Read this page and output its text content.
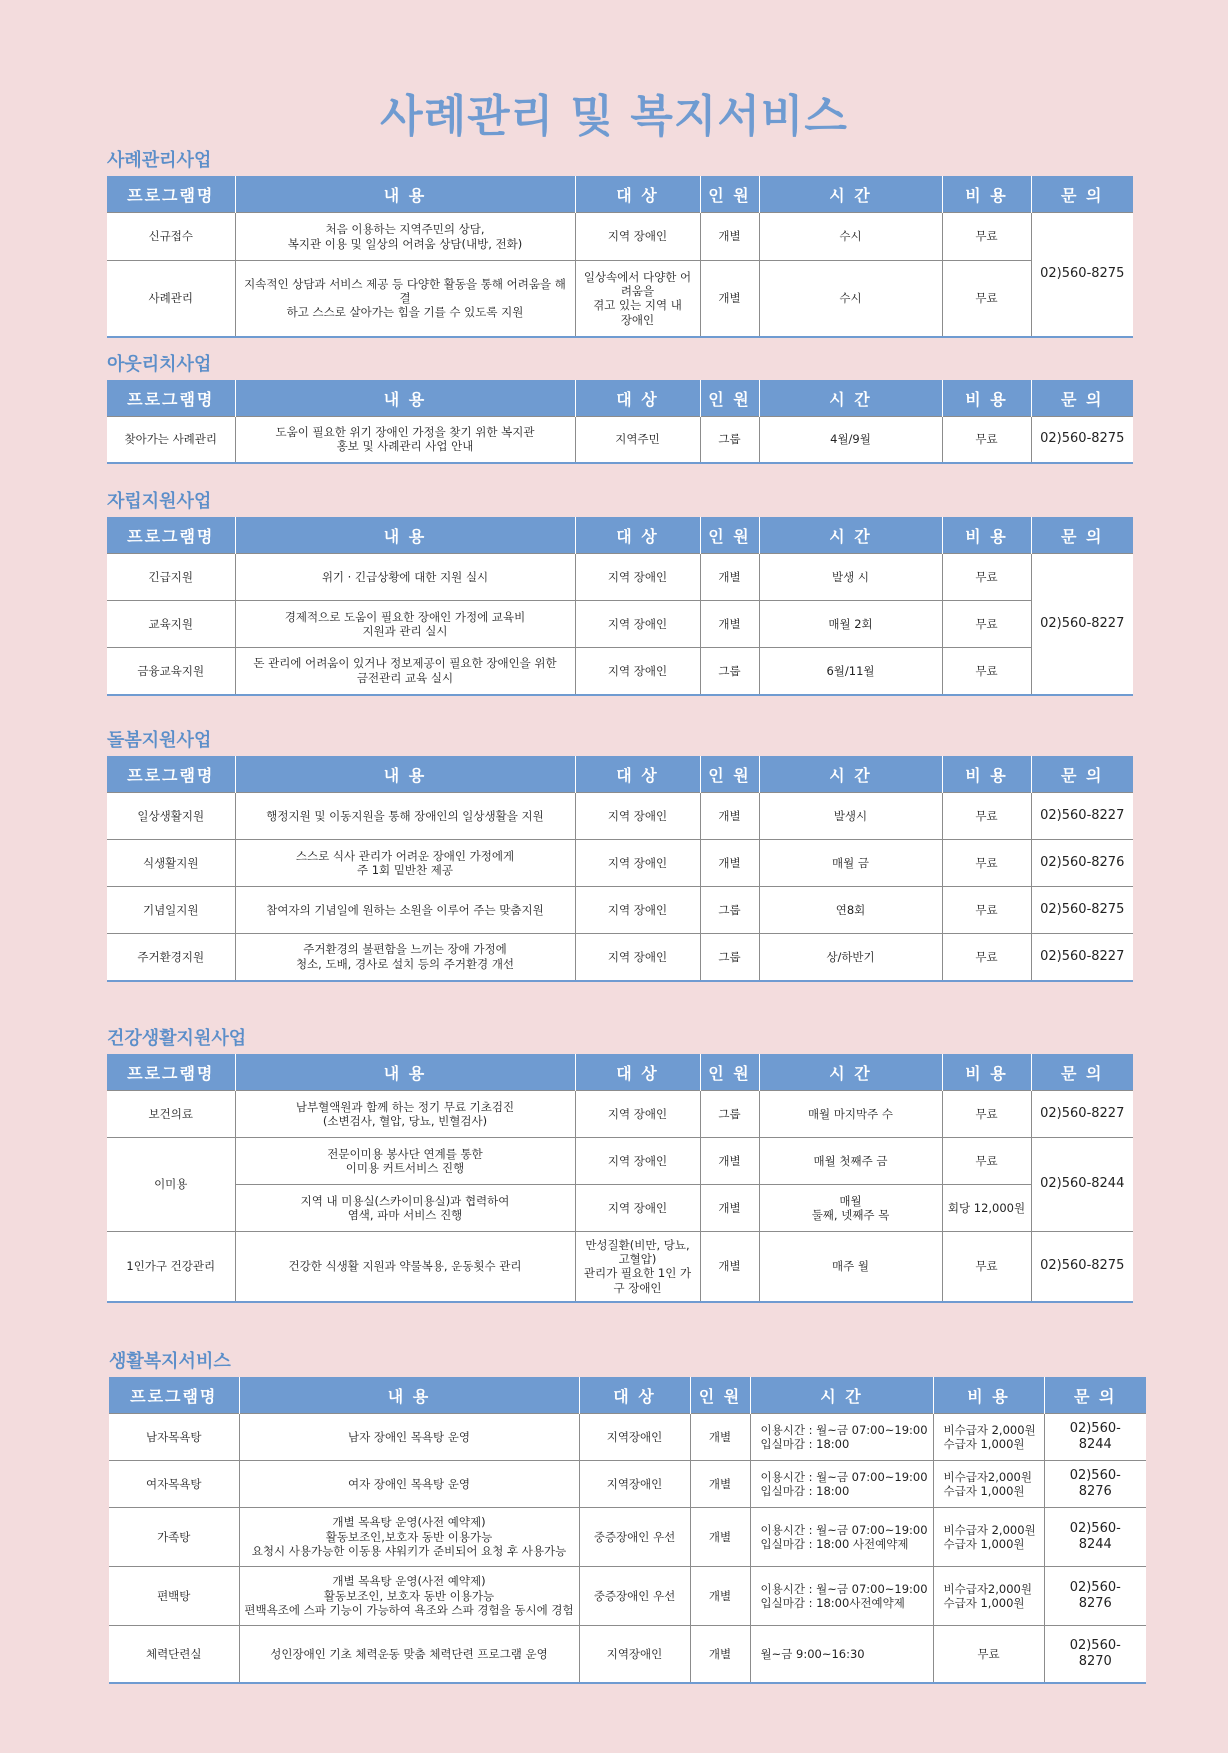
사례관리 및 복지서비스
사례관리사업
프로그램명	내 용	대 상	인 원	시 간	비 용	문 의
신규접수	처음 이용하는 지역주민의 상담,
복지관 이용 및 일상의 어려움 상담(내방, 전화)	지역 장애인	개별	수시	무료	02)560-8275
사례관리	지속적인 상담과 서비스 제공 등 다양한 활동을 통해 어려움을 해결
하고 스스로 살아가는 힘을 기를 수 있도록 지원	일상속에서 다양한 어
려움을
겪고 있는 지역 내
장애인	개별	수시	무료	
아웃리치사업
프로그램명	내 용	대 상	인 원	시 간	비 용	문 의
찾아가는 사례관리	도움이 필요한 위기 장애인 가정을 찾기 위한 복지관
홍보 및 사례관리 사업 안내	지역주민	그룹	4월/9월	무료	02)560-8275
자립지원사업
프로그램명	내 용	대 상	인 원	시 간	비 용	문 의
긴급지원	위기 · 긴급상황에 대한 지원 실시	지역 장애인	개별	발생 시	무료	02)560-8227
교육지원	경제적으로 도움이 필요한 장애인 가정에 교육비
지원과 관리 실시	지역 장애인	개별	매월 2회	무료	
금융교육지원	돈 관리에 어려움이 있거나 정보제공이 필요한 장애인을 위한
금전관리 교육 실시	지역 장애인	그룹	6월/11월	무료	
돌봄지원사업
프로그램명	내 용	대 상	인 원	시 간	비 용	문 의
일상생활지원	행정지원 및 이동지원을 통해 장애인의 일상생활을 지원	지역 장애인	개별	발생시	무료	02)560-8227
식생활지원	스스로 식사 관리가 어려운 장애인 가정에게
주 1회 밑반찬 제공	지역 장애인	개별	매월 금	무료	02)560-8276
기념일지원	참여자의 기념일에 원하는 소원을 이루어 주는 맞춤지원	지역 장애인	그룹	연8회	무료	02)560-8275
주거환경지원	주거환경의 불편함을 느끼는 장애 가정에
청소, 도배, 경사로 설치 등의 주거환경 개선	지역 장애인	그룹	상/하반기	무료	02)560-8227
건강생활지원사업
프로그램명	내 용	대 상	인 원	시 간	비 용	문 의
보건의료	남부혈액원과 함께 하는 정기 무료 기초검진
(소변검사, 혈압, 당뇨, 빈혈검사)	지역 장애인	그룹	매월 마지막주 수	무료	02)560-8227
이미용	전문이미용 봉사단 연계를 통한
이미용 커트서비스 진행	지역 장애인	개별	매월 첫째주 금	무료	02)560-8244
	지역 내 미용실(스카이미용실)과 협력하여
염색, 파마 서비스 진행	지역 장애인	개별	매월
둘째, 넷째주 목	회당 12,000원	
1인가구 건강관리	건강한 식생활 지원과 약물복용, 운동횟수 관리	만성질환(비만, 당뇨,
고혈압)
관리가 필요한 1인 가
구 장애인	개별	매주 월	무료	02)560-8275
생활복지서비스
프로그램명	내 용	대 상	인 원	시 간	비 용	문 의
남자목욕탕	남자 장애인 목욕탕 운영	지역장애인	개별	이용시간 : 월~금 07:00~19:00
입실마감 : 18:00	비수급자 2,000원
수급자 1,000원	02)560-
8244
여자목욕탕	여자 장애인 목욕탕 운영	지역장애인	개별	이용시간 : 월~금 07:00~19:00
입실마감 : 18:00	비수급자2,000원
수급자 1,000원	02)560-
8276
가족탕	개별 목욕탕 운영(사전 예약제)
활동보조인,보호자 동반 이용가능
요청시 사용가능한 이동용 샤워키가 준비되어 요청 후 사용가능	중증장애인 우선	개별	이용시간 : 월~금 07:00~19:00
입실마감 : 18:00 사전예약제	비수급자 2,000원
수급자 1,000원	02)560-
8244
편백탕	개별 목욕탕 운영(사전 예약제)
활동보조인, 보호자 동반 이용가능
편백욕조에 스파 기능이 가능하여 욕조와 스파 경험을 동시에 경험	중증장애인 우선	개별	이용시간 : 월~금 07:00~19:00
입실마감 : 18:00사전예약제	비수급자2,000원
수급자 1,000원	02)560-
8276
체력단련실	성인장애인 기초 체력운동 맞춤 체력단련 프로그램 운영	지역장애인	개별	월~금 9:00~16:30	무료	02)560-
8270
